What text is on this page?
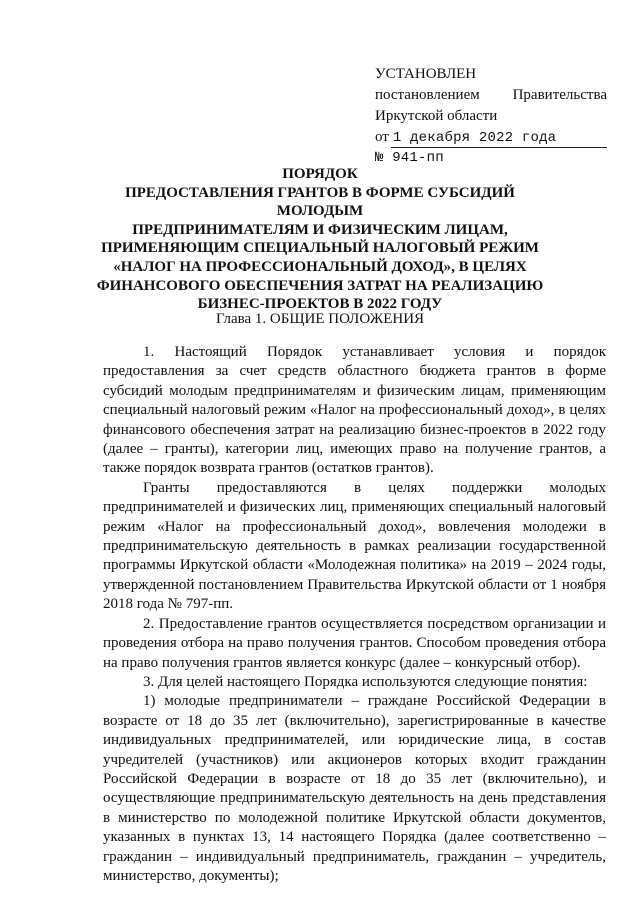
УСТАНОВЛЕН
постановлением Правительства
Иркутской области
от 1 декабря 2022 года
№ 941-пп
ПОРЯДОК
ПРЕДОСТАВЛЕНИЯ ГРАНТОВ В ФОРМЕ СУБСИДИЙ МОЛОДЫМ
ПРЕДПРИНИМАТЕЛЯМ И ФИЗИЧЕСКИМ ЛИЦАМ,
ПРИМЕНЯЮЩИМ СПЕЦИАЛЬНЫЙ НАЛОГОВЫЙ РЕЖИМ
«НАЛОГ НА ПРОФЕССИОНАЛЬНЫЙ ДОХОД», В ЦЕЛЯХ
ФИНАНСОВОГО ОБЕСПЕЧЕНИЯ ЗАТРАТ НА РЕАЛИЗАЦИЮ
БИЗНЕС-ПРОЕКТОВ В 2022 ГОДУ
Глава 1. ОБЩИЕ ПОЛОЖЕНИЯ

1. Настоящий Порядок устанавливает условия и порядок предоставления за счет средств областного бюджета грантов в форме субсидий молодым предпринимателям и физическим лицам, применяющим специальный налоговый режим «Налог на профессиональный доход», в целях финансового обеспечения затрат на реализацию бизнес-проектов в 2022 году (далее – гранты), категории лиц, имеющих право на получение грантов, а также порядок возврата грантов (остатков грантов).

Гранты предоставляются в целях поддержки молодых предпринимателей и физических лиц, применяющих специальный налоговый режим «Налог на профессиональный доход», вовлечения молодежи в предпринимательскую деятельность в рамках реализации государственной программы Иркутской области «Молодежная политика» на 2019 – 2024 годы, утвержденной постановлением Правительства Иркутской области от 1 ноября 2018 года № 797-пп.

2. Предоставление грантов осуществляется посредством организации и проведения отбора на право получения грантов. Способом проведения отбора на право получения грантов является конкурс (далее – конкурсный отбор).

3. Для целей настоящего Порядка используются следующие понятия:

1) молодые предприниматели – граждане Российской Федерации в возрасте от 18 до 35 лет (включительно), зарегистрированные в качестве индивидуальных предпринимателей, или юридические лица, в состав учредителей (участников) или акционеров которых входит гражданин Российской Федерации в возрасте от 18 до 35 лет (включительно), и осуществляющие предпринимательскую деятельность на день представления в министерство по молодежной политике Иркутской области документов, указанных в пунктах 13, 14 настоящего Порядка (далее соответственно – гражданин – индивидуальный предприниматель, гражданин – учредитель, министерство, документы);
